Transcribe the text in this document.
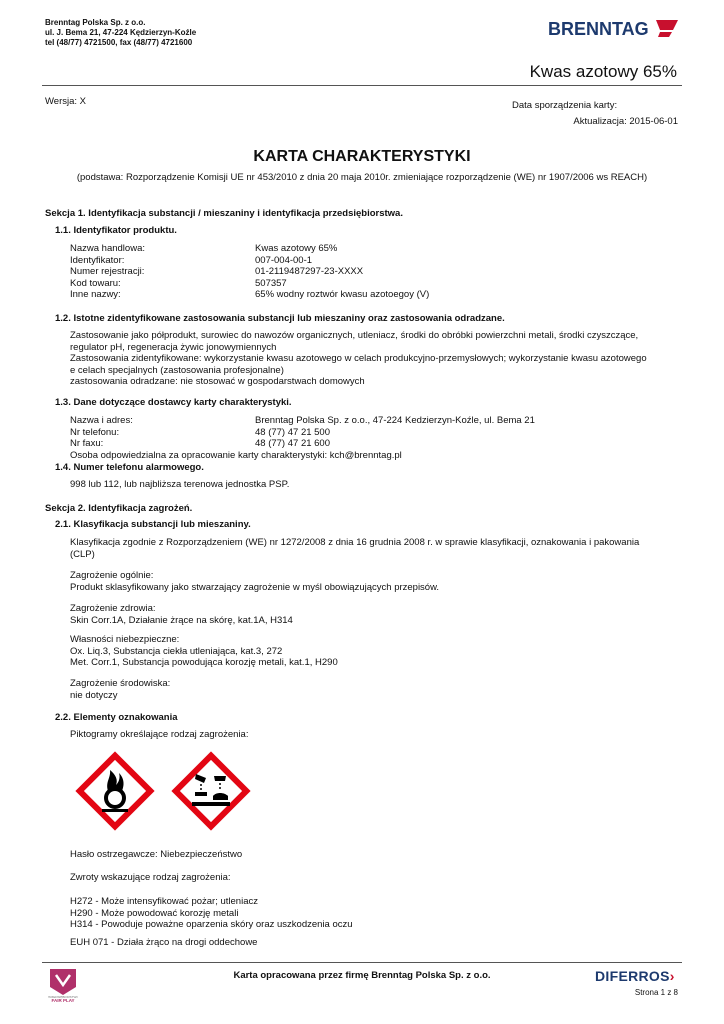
Brenntag Polska Sp. z o.o.
ul. J. Bema 21, 47-224 Kędzierzyn-Koźle
tel (48/77) 4721500, fax (48/77) 4721600
BRENNTAG
Kwas azotowy 65%
Wersja: X	Data sporządzenia karty:
Aktualizacja: 2015-06-01
KARTA CHARAKTERYSTYKI
(podstawa: Rozporządzenie Komisji UE nr 453/2010 z dnia 20 maja 2010r. zmieniające rozporządzenie (WE) nr 1907/2006 ws REACH)
Sekcja 1. Identyfikacja substancji / mieszaniny i identyfikacja przedsiębiorstwa.
1.1. Identyfikator produktu.
Nazwa handlowa:	Kwas azotowy 65%
Identyfikator:	007-004-00-1
Numer rejestracji:	01-2119487297-23-XXXX
Kod towaru:	507357
Inne nazwy:	65% wodny roztwór kwasu azotoegoy (V)
1.2. Istotne zidentyfikowane zastosowania substancji lub mieszaniny oraz zastosowania odradzane.
Zastosowanie jako półprodukt, surowiec do nawozów organicznych, utleniacz, środki do obróbki powierzchni metali, środki czyszczące,
regulator pH, regeneracja żywic jonowymiennych
Zastosowania zidentyfikowane: wykorzystanie kwasu azotowego w celach produkcyjno-przemysłowych; wykorzystanie kwasu azotowego
e celach specjalnych (zastosowania profesjonalne)
zastosowania odradzane: nie stosować w gospodarstwach domowych
1.3. Dane dotyczące dostawcy karty charakterystyki.
Nazwa i adres:	Brenntag Polska Sp. z o.o., 47-224 Kedzierzyn-Koźle, ul. Bema 21
Nr telefonu:	48 (77) 47 21 500
Nr faxu:	48 (77) 47 21 600
Osoba odpowiedzialna za opracowanie karty charakterystyki: kch@brenntag.pl
1.4. Numer telefonu alarmowego.
998 lub 112, lub najbliższa terenowa jednostka PSP.
Sekcja 2. Identyfikacja zagrożeń.
2.1. Klasyfikacja substancji lub mieszaniny.
Klasyfikacja zgodnie z Rozporządzeniem (WE) nr 1272/2008 z dnia 16 grudnia 2008 r. w sprawie klasyfikacji, oznakowania i pakowania
(CLP)
Zagrożenie ogólnie:
Produkt sklasyfikowany jako stwarzający zagrożenie w myśl obowiązujących przepisów.
Zagrożenie zdrowia:
Skin Corr.1A, Działanie żrące na skórę, kat.1A, H314
Własności niebezpieczne:
Ox. Liq.3, Substancja ciekła utleniająca, kat.3, 272
Met. Corr.1, Substancja powodująca korozję metali, kat.1, H290
Zagrożenie środowiska:
nie dotyczy
2.2. Elementy oznakowania
Piktogramy określające rodzaj zagrożenia:
Hasło ostrzegawcze: Niebezpieczeństwo
Zwroty wskazujące rodzaj zagrożenia:
H272 - Może intensyfikować pożar; utleniacz
H290 - Może powodować korozję metali
H314 - Powoduje poważne oparzenia skóry oraz uszkodzenia oczu
EUH 071 - Działa żrąco na drogi oddechowe
PRZEDSIĘBIORSTWO
FAIR PLAY
Karta opracowana przez firmę Brenntag Polska Sp. z o.o.	DIFERROS›
Strona 1 z 8
